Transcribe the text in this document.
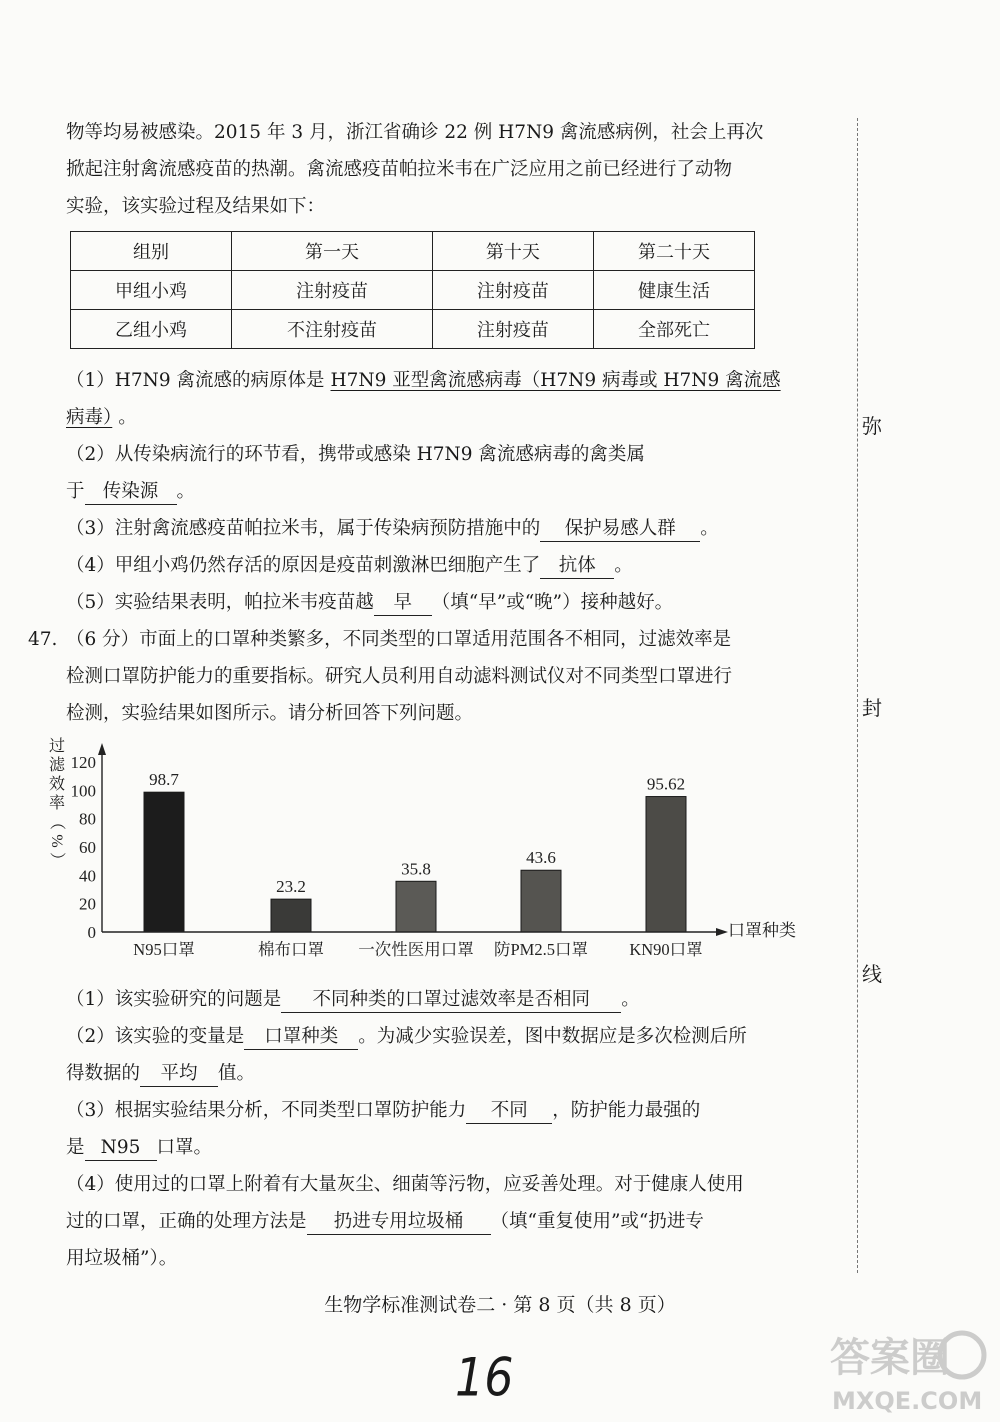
物等均易被感染。2015 年 3 月，浙江省确诊 22 例 H7N9 禽流感病例，社会上再次
掀起注射禽流感疫苗的热潮。禽流感疫苗帕拉米韦在广泛应用之前已经进行了动物
实验，该实验过程及结果如下：
组别	第一天	第十天	第二十天
甲组小鸡	注射疫苗	注射疫苗	健康生活
乙组小鸡	不注射疫苗	注射疫苗	全部死亡
（1）H7N9 禽流感的病原体是 H7N9 亚型禽流感病毒（H7N9 病毒或 H7N9 禽流感
病毒） 。
（2）从传染病流行的环节看，携带或感染 H7N9 禽流感病毒的禽类属
于 传染源 。
（3）注射禽流感疫苗帕拉米韦，属于传染病预防措施中的 保护易感人群 。
（4）甲组小鸡仍然存活的原因是疫苗刺激淋巴细胞产生了 抗体 。
（5）实验结果表明，帕拉米韦疫苗越 早 （填“早”或“晚”）接种越好。
47. （6 分）市面上的口罩种类繁多，不同类型的口罩适用范围各不相同，过滤效率是
检测口罩防护能力的重要指标。研究人员利用自动滤料测试仪对不同类型口罩进行
检测，实验结果如图所示。请分析回答下列问题。
过
滤
效
率
（
%
）
0
20
40
60
80
100
120
98.7
N95口罩
23.2
棉布口罩
35.8
一次性医用口罩
43.6
防PM2.5口罩
95.62
KN90口罩
口罩种类
（1）该实验研究的问题是 不同种类的口罩过滤效率是否相同 。
（2）该实验的变量是 口罩种类 。为减少实验误差，图中数据应是多次检测后所
得数据的 平均 值。
（3）根据实验结果分析，不同类型口罩防护能力 不同 ，防护能力最强的
是 N95 口罩。
（4）使用过的口罩上附着有大量灰尘、细菌等污物，应妥善处理。对于健康人使用
过的口罩，正确的处理方法是 扔进专用垃圾桶 （填“重复使用”或“扔进专
用垃圾桶”）。
弥
封
线
生物学标准测试卷二 · 第 8 页（共 8 页）
16	答案圈
MXQE.COM
